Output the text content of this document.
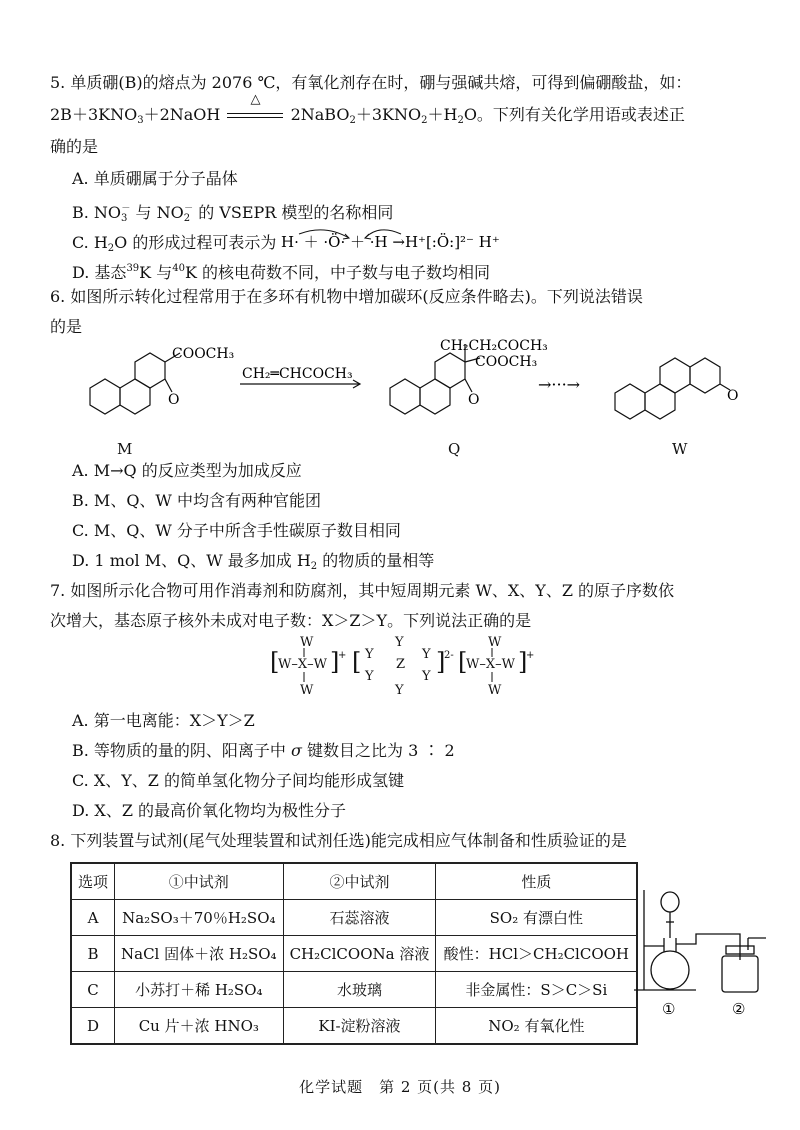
5. 单质硼(B)的熔点为 2076 ℃，有氧化剂存在时，硼与强碱共熔，可得到偏硼酸盐，如：
$2B+3KNO_3+2NaOH$
△
$2NaBO_2+3KNO_2+H_2O$。下列有关化学用语或表述正
确的是
A. 单质硼属于分子晶体
B. $NO_3^-$ 与 $NO_2^-$ 的 VSEPR 模型的名称相同
C. $H_2O$ 的形成过程可表示为 H· ＋ ·Ö· ＋ ·H →H⁺[:Ö:]²⁻ H⁺
D. 基态$^{39}$K 与$^{40}$K 的核电荷数不同，中子数与电子数均相同
6. 如图所示转化过程常用于在多环有机物中增加碳环(反应条件略去)。下列说法错误
的是
CH₂═CHCOCH₃
COOCH₃
O
CH₂CH₂COCH₃
COOCH₃
O	O
→···→
M	Q	W
A. M→Q 的反应类型为加成反应
B. M、Q、W 中均含有两种官能团
C. M、Q、W 分子中所含手性碳原子数目相同
D. 1 mol M、Q、W 最多加成 $H_2$ 的物质的量相等
7. 如图所示化合物可用作消毒剂和防腐剂，其中短周期元素 W、X、Y、Z 的原子序数依
次增大，基态原子核外未成对电子数：X＞Z＞Y。下列说法正确的是
[
W–X–W ]
+
W
W
[
Y
Y	Y
Z
Y	Y
Y
]
2- [
W–X–W ]
+
W
W
A. 第一电离能：X＞Y＞Z
B. 等物质的量的阴、阳离子中 σ 键数目之比为 3 ∶ 2
C. X、Y、Z 的简单氢化物分子间均能形成氢键
D. X、Z 的最高价氧化物均为极性分子
8. 下列装置与试剂(尾气处理装置和试剂任选)能完成相应气体制备和性质验证的是
选项	①中试剂	②中试剂	性质
A	Na₂SO₃＋70％H₂SO₄	石蕊溶液	SO₂ 有漂白性
B	NaCl 固体＋浓 H₂SO₄	CH₂ClCOONa 溶液	酸性：HCl＞CH₂ClCOOH
C	小苏打＋稀 H₂SO₄	水玻璃	非金属性：S＞C＞Si
D	Cu 片＋浓 HNO₃	KI-淀粉溶液	NO₂ 有氧化性
①	②
化学试题　第 2 页(共 8 页)
